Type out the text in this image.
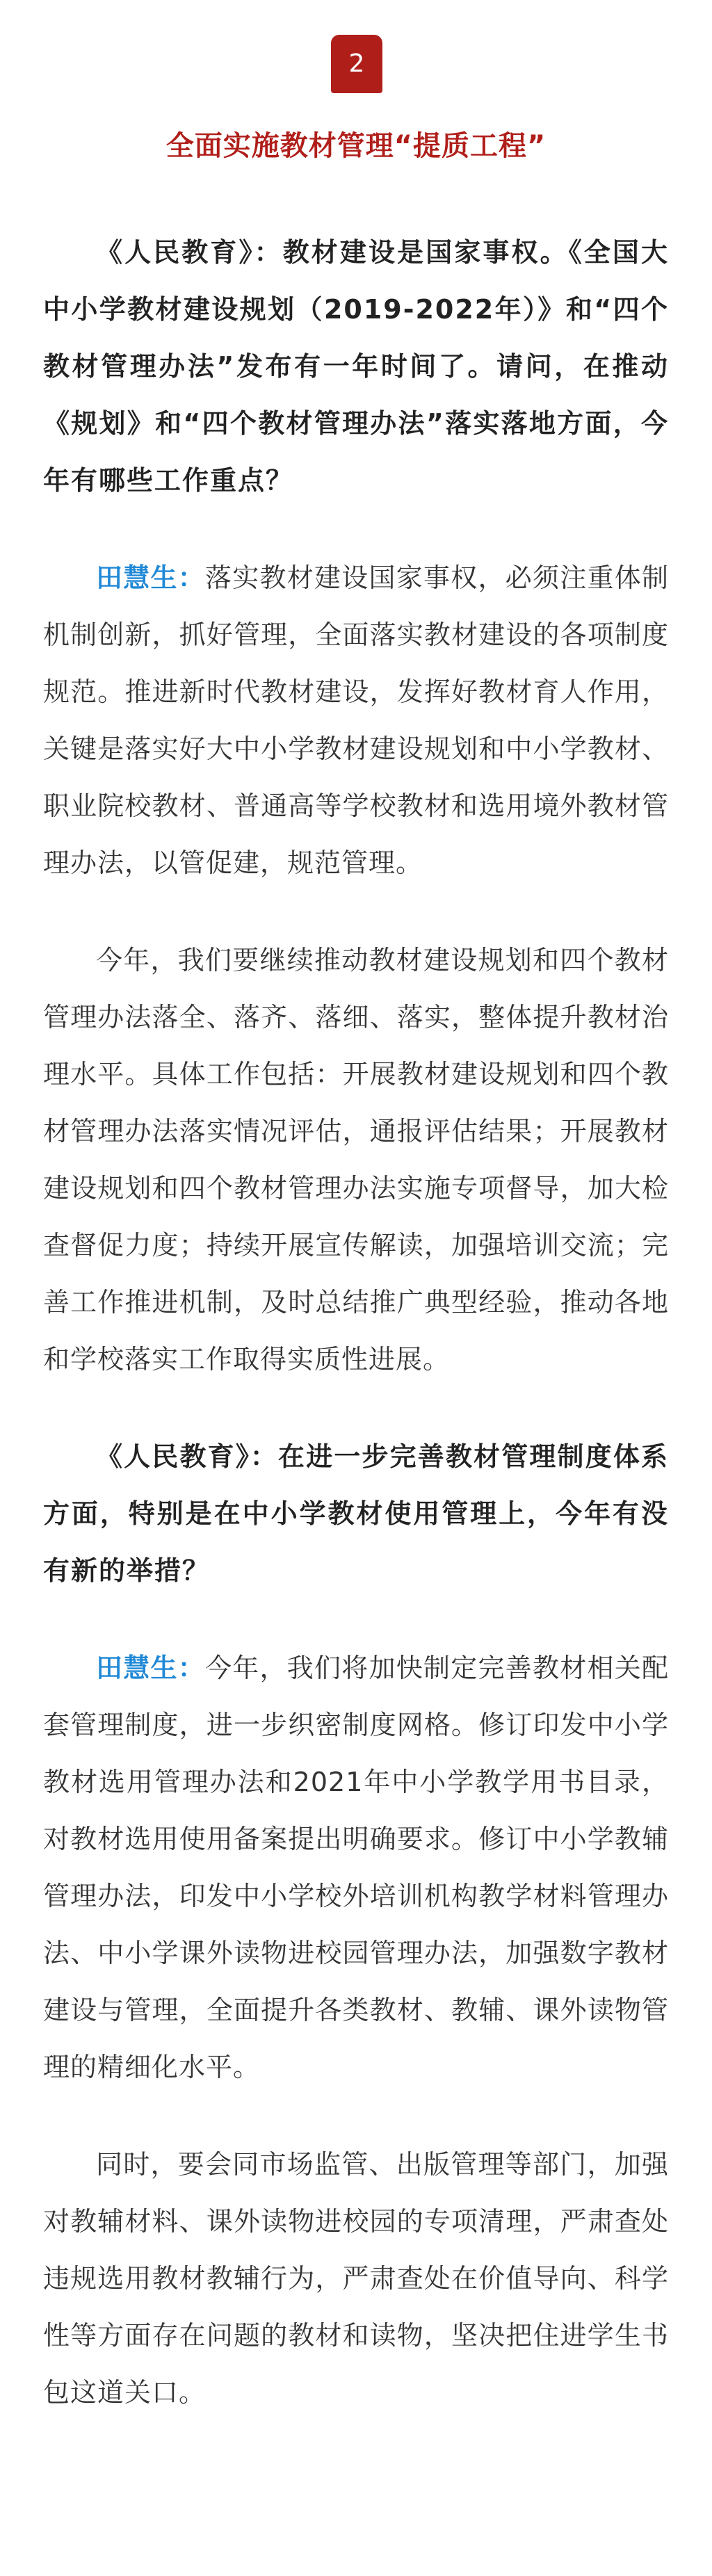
2
全面实施教材管理“提质工程”

《人民教育》：教材建设是国家事权。《全国大中小学教材建设规划（2019-2022年）》和“四个教材管理办法”发布有一年时间了。请问，在推动《规划》和“四个教材管理办法”落实落地方面，今年有哪些工作重点？

田慧生：落实教材建设国家事权，必须注重体制机制创新，抓好管理，全面落实教材建设的各项制度规范。推进新时代教材建设，发挥好教材育人作用，关键是落实好大中小学教材建设规划和中小学教材、职业院校教材、普通高等学校教材和选用境外教材管理办法，以管促建，规范管理。

今年，我们要继续推动教材建设规划和四个教材管理办法落全、落齐、落细、落实，整体提升教材治理水平。具体工作包括：开展教材建设规划和四个教材管理办法落实情况评估，通报评估结果；开展教材建设规划和四个教材管理办法实施专项督导，加大检查督促力度；持续开展宣传解读，加强培训交流；完善工作推进机制，及时总结推广典型经验，推动各地和学校落实工作取得实质性进展。

《人民教育》：在进一步完善教材管理制度体系方面，特别是在中小学教材使用管理上，今年有没有新的举措？

田慧生：今年，我们将加快制定完善教材相关配套管理制度，进一步织密制度网格。修订印发中小学教材选用管理办法和2021年中小学教学用书目录，对教材选用使用备案提出明确要求。修订中小学教辅管理办法，印发中小学校外培训机构教学材料管理办法、中小学课外读物进校园管理办法，加强数字教材建设与管理，全面提升各类教材、教辅、课外读物管理的精细化水平。

同时，要会同市场监管、出版管理等部门，加强对教辅材料、课外读物进校园的专项清理，严肃查处违规选用教材教辅行为，严肃查处在价值导向、科学性等方面存在问题的教材和读物，坚决把住进学生书包这道关口。
